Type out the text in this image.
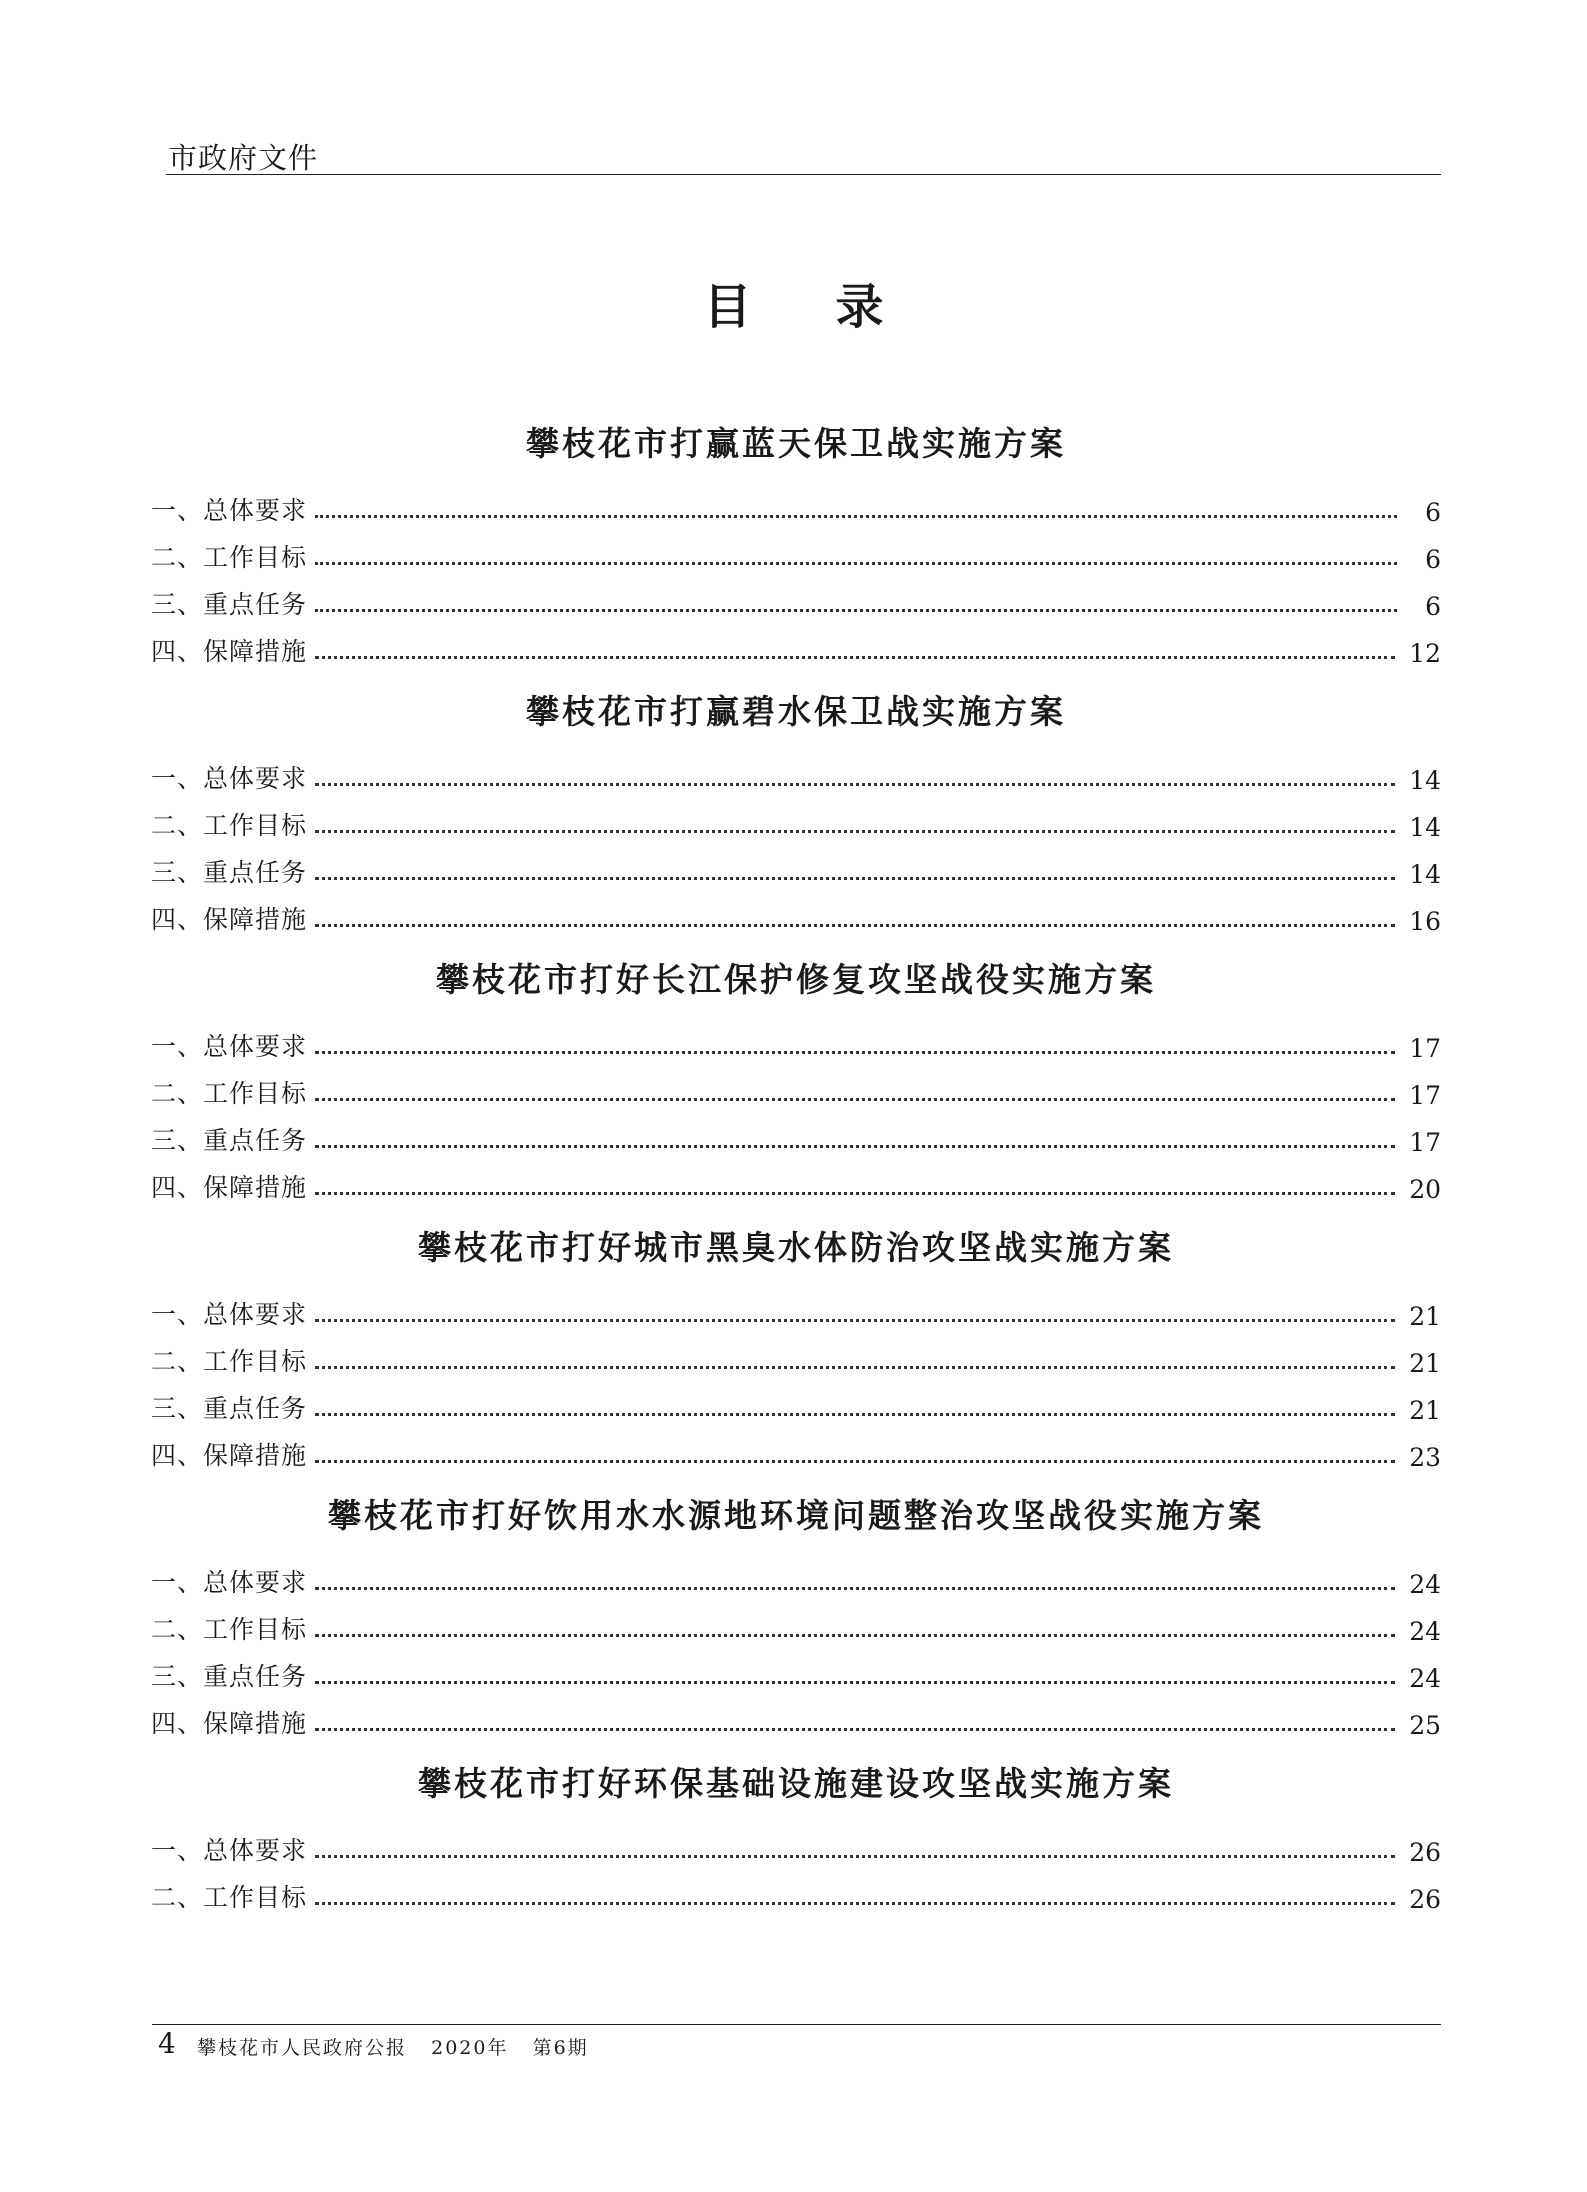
市政府文件
目录
攀枝花市打赢蓝天保卫战实施方案
一、总体要求	6
二、工作目标	6
三、重点任务	6
四、保障措施	12
攀枝花市打赢碧水保卫战实施方案
一、总体要求	14
二、工作目标	14
三、重点任务	14
四、保障措施	16
攀枝花市打好长江保护修复攻坚战役实施方案
一、总体要求	17
二、工作目标	17
三、重点任务	17
四、保障措施	20
攀枝花市打好城市黑臭水体防治攻坚战实施方案
一、总体要求	21
二、工作目标	21
三、重点任务	21
四、保障措施	23
攀枝花市打好饮用水水源地环境问题整治攻坚战役实施方案
一、总体要求	24
二、工作目标	24
三、重点任务	24
四、保障措施	25
攀枝花市打好环保基础设施建设攻坚战实施方案
一、总体要求	26
二、工作目标	26
4 攀枝花市人民政府公报   2020年   第6期
